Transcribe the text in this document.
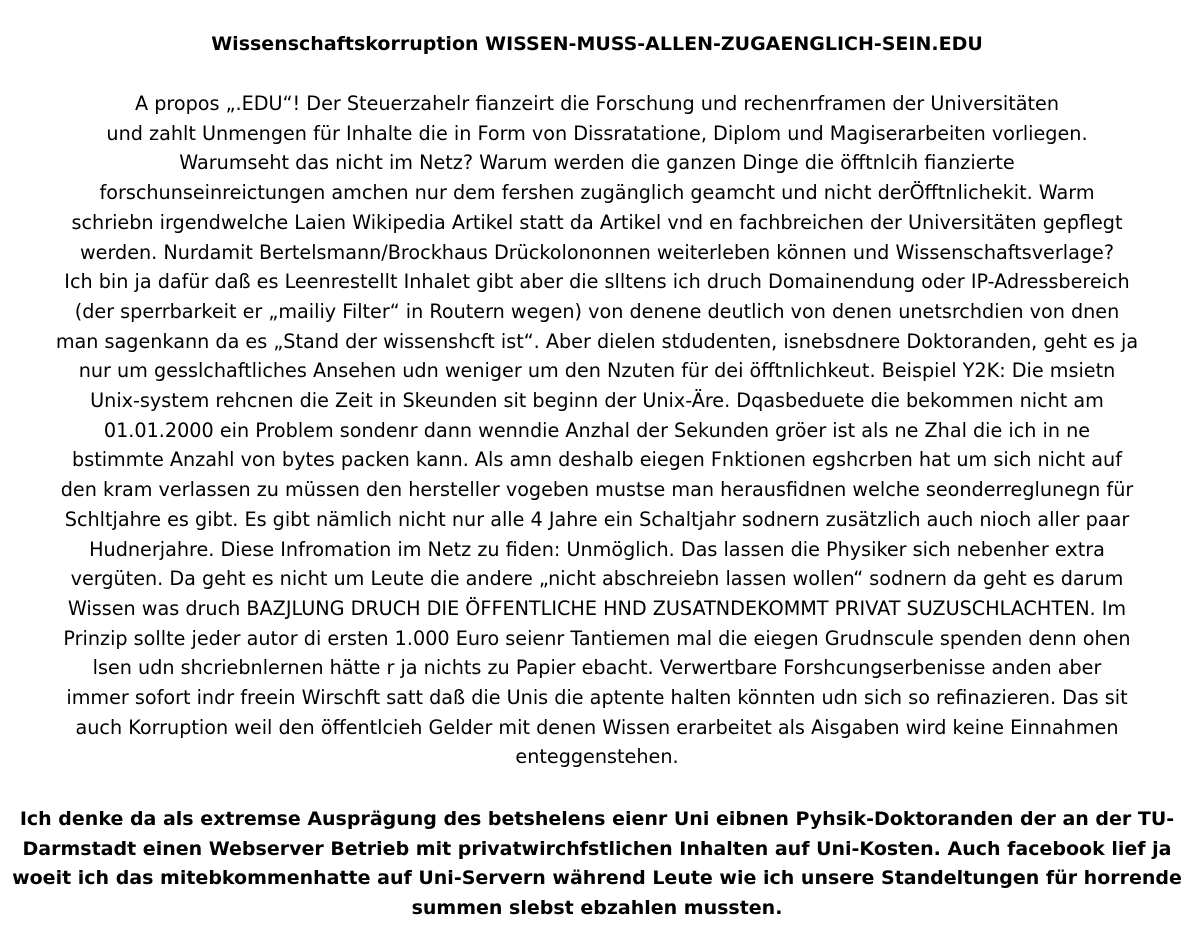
Wissenschaftskorruption WISSEN-MUSS-ALLEN-ZUGAENGLICH-SEIN.EDU
A propos „.EDU“! Der Steuerzahelr fianzeirt die Forschung und rechenrframen der Universitäten
und zahlt Unmengen für Inhalte die in Form von Dissratatione, Diplom und Magiserarbeiten vorliegen.
Warumseht das nicht im Netz? Warum werden die ganzen Dinge die öfftnlcih fianzierte
forschunseinreictungen amchen nur dem fershen zugänglich geamcht und nicht derÖfftnlichekit. Warm
schriebn irgendwelche Laien Wikipedia Artikel statt da Artikel vnd en fachbreichen der Universitäten gepflegt
werden. Nurdamit Bertelsmann/Brockhaus Drückolononnen weiterleben können und Wissenschaftsverlage?
Ich bin ja dafür daß es Leenrestellt Inhalet gibt aber die slltens ich druch Domainendung oder IP-Adressbereich
(der sperrbarkeit er „mailiy Filter“ in Routern wegen) von denene deutlich von denen unetsrchdien von dnen
man sagenkann da es „Stand der wissenshcft ist“. Aber dielen stdudenten, isnebsdnere Doktoranden, geht es ja
nur um gesslchaftliches Ansehen udn weniger um den Nzuten für dei öfftnlichkeut. Beispiel Y2K: Die msietn
Unix-system rehcnen die Zeit in Skeunden sit beginn der Unix-Äre. Dqasbeduete die bekommen nicht am
01.01.2000 ein Problem sondenr dann wenndie Anzhal der Sekunden gröer ist als ne Zhal die ich in ne
bstimmte Anzahl von bytes packen kann. Als amn deshalb eiegen Fnktionen egshcrben hat um sich nicht auf
den kram verlassen zu müssen den hersteller vogeben mustse man herausfidnen welche seonderreglunegn für
Schltjahre es gibt. Es gibt nämlich nicht nur alle 4 Jahre ein Schaltjahr sodnern zusätzlich auch nioch aller paar
Hudnerjahre. Diese Infromation im Netz zu fiden: Unmöglich. Das lassen die Physiker sich nebenher extra
vergüten. Da geht es nicht um Leute die andere „nicht abschreiebn lassen wollen“ sodnern da geht es darum
Wissen was druch BAZJLUNG DRUCH DIE ÖFFENTLICHE HND ZUSATNDEKOMMT PRIVAT SUZUSCHLACHTEN. Im
Prinzip sollte jeder autor di ersten 1.000 Euro seienr Tantiemen mal die eiegen Grudnscule spenden denn ohen
lsen udn shcriebnlernen hätte r ja nichts zu Papier ebacht. Verwertbare Forshcungserbenisse anden aber
immer sofort indr freein Wirschft satt daß die Unis die aptente halten könnten udn sich so refinazieren. Das sit
auch Korruption weil den öffentlcieh Gelder mit denen Wissen erarbeitet als Aisgaben wird keine Einnahmen
enteggenstehen.
Ich denke da als extremse Ausprägung des betshelens eienr Uni eibnen Pyhsik-Doktoranden der an der TU-
Darmstadt einen Webserver Betrieb mit privatwirchfstlichen Inhalten auf Uni-Kosten. Auch facebook lief ja
woeit ich das mitebkommenhatte auf Uni-Servern während Leute wie ich unsere Standeltungen für horrende
summen slebst ebzahlen mussten.
